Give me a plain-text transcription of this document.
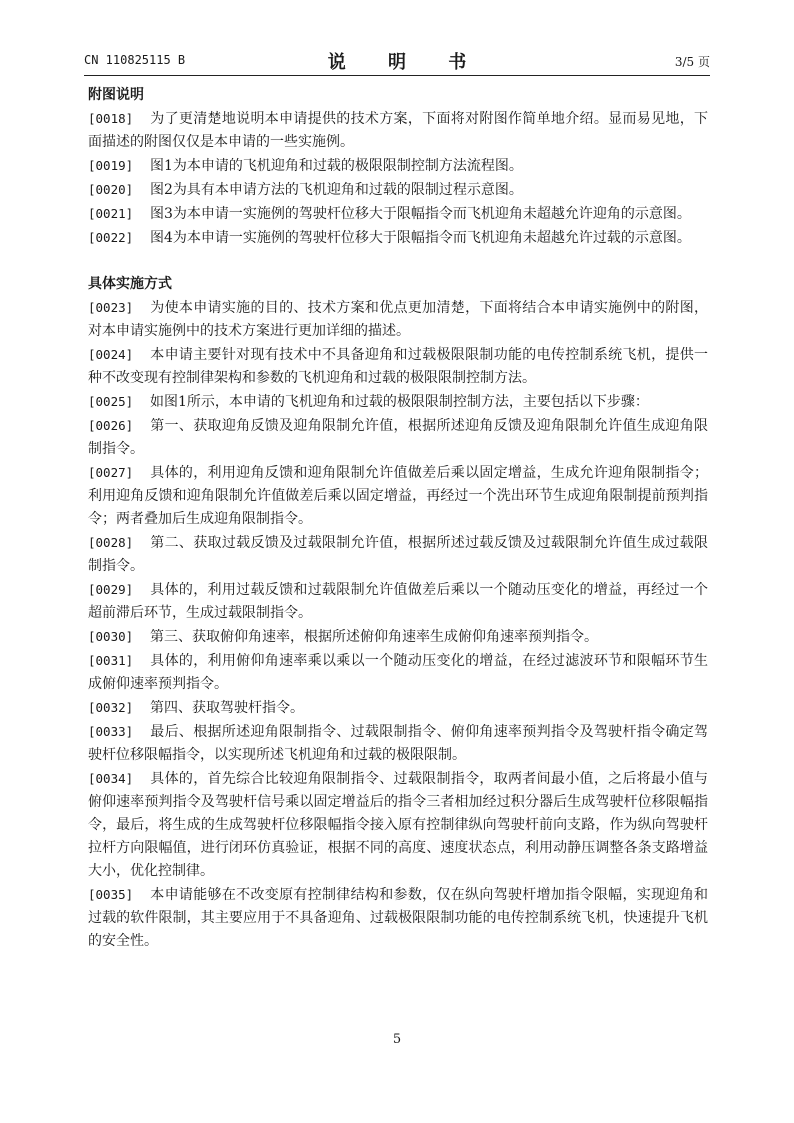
CN 110825115 B	说 明 书	3/5 页
附图说明
[0018] 为了更清楚地说明本申请提供的技术方案，下面将对附图作简单地介绍。显而易见地，下面描述的附图仅仅是本申请的一些实施例。
[0019] 图1为本申请的飞机迎角和过载的极限限制控制方法流程图。
[0020] 图2为具有本申请方法的飞机迎角和过载的限制过程示意图。
[0021] 图3为本申请一实施例的驾驶杆位移大于限幅指令而飞机迎角未超越允许迎角的示意图。
[0022] 图4为本申请一实施例的驾驶杆位移大于限幅指令而飞机迎角未超越允许过载的示意图。
具体实施方式
[0023] 为使本申请实施的目的、技术方案和优点更加清楚，下面将结合本申请实施例中的附图，对本申请实施例中的技术方案进行更加详细的描述。
[0024] 本申请主要针对现有技术中不具备迎角和过载极限限制功能的电传控制系统飞机，提供一种不改变现有控制律架构和参数的飞机迎角和过载的极限限制控制方法。
[0025] 如图1所示，本申请的飞机迎角和过载的极限限制控制方法，主要包括以下步骤：
[0026] 第一、获取迎角反馈及迎角限制允许值，根据所述迎角反馈及迎角限制允许值生成迎角限制指令。
[0027] 具体的，利用迎角反馈和迎角限制允许值做差后乘以固定增益，生成允许迎角限制指令；利用迎角反馈和迎角限制允许值做差后乘以固定增益，再经过一个洗出环节生成迎角限制提前预判指令；两者叠加后生成迎角限制指令。
[0028] 第二、获取过载反馈及过载限制允许值，根据所述过载反馈及过载限制允许值生成过载限制指令。
[0029] 具体的，利用过载反馈和过载限制允许值做差后乘以一个随动压变化的增益，再经过一个超前滞后环节，生成过载限制指令。
[0030] 第三、获取俯仰角速率，根据所述俯仰角速率生成俯仰角速率预判指令。
[0031] 具体的，利用俯仰角速率乘以乘以一个随动压变化的增益，在经过滤波环节和限幅环节生成俯仰速率预判指令。
[0032] 第四、获取驾驶杆指令。
[0033] 最后、根据所述迎角限制指令、过载限制指令、俯仰角速率预判指令及驾驶杆指令确定驾驶杆位移限幅指令，以实现所述飞机迎角和过载的极限限制。
[0034] 具体的，首先综合比较迎角限制指令、过载限制指令，取两者间最小值，之后将最小值与俯仰速率预判指令及驾驶杆信号乘以固定增益后的指令三者相加经过积分器后生成驾驶杆位移限幅指令，最后，将生成的生成驾驶杆位移限幅指令接入原有控制律纵向驾驶杆前向支路，作为纵向驾驶杆拉杆方向限幅值，进行闭环仿真验证，根据不同的高度、速度状态点，利用动静压调整各条支路增益大小，优化控制律。
[0035] 本申请能够在不改变原有控制律结构和参数，仅在纵向驾驶杆增加指令限幅，实现迎角和过载的软件限制，其主要应用于不具备迎角、过载极限限制功能的电传控制系统飞机，快速提升飞机的安全性。
5
